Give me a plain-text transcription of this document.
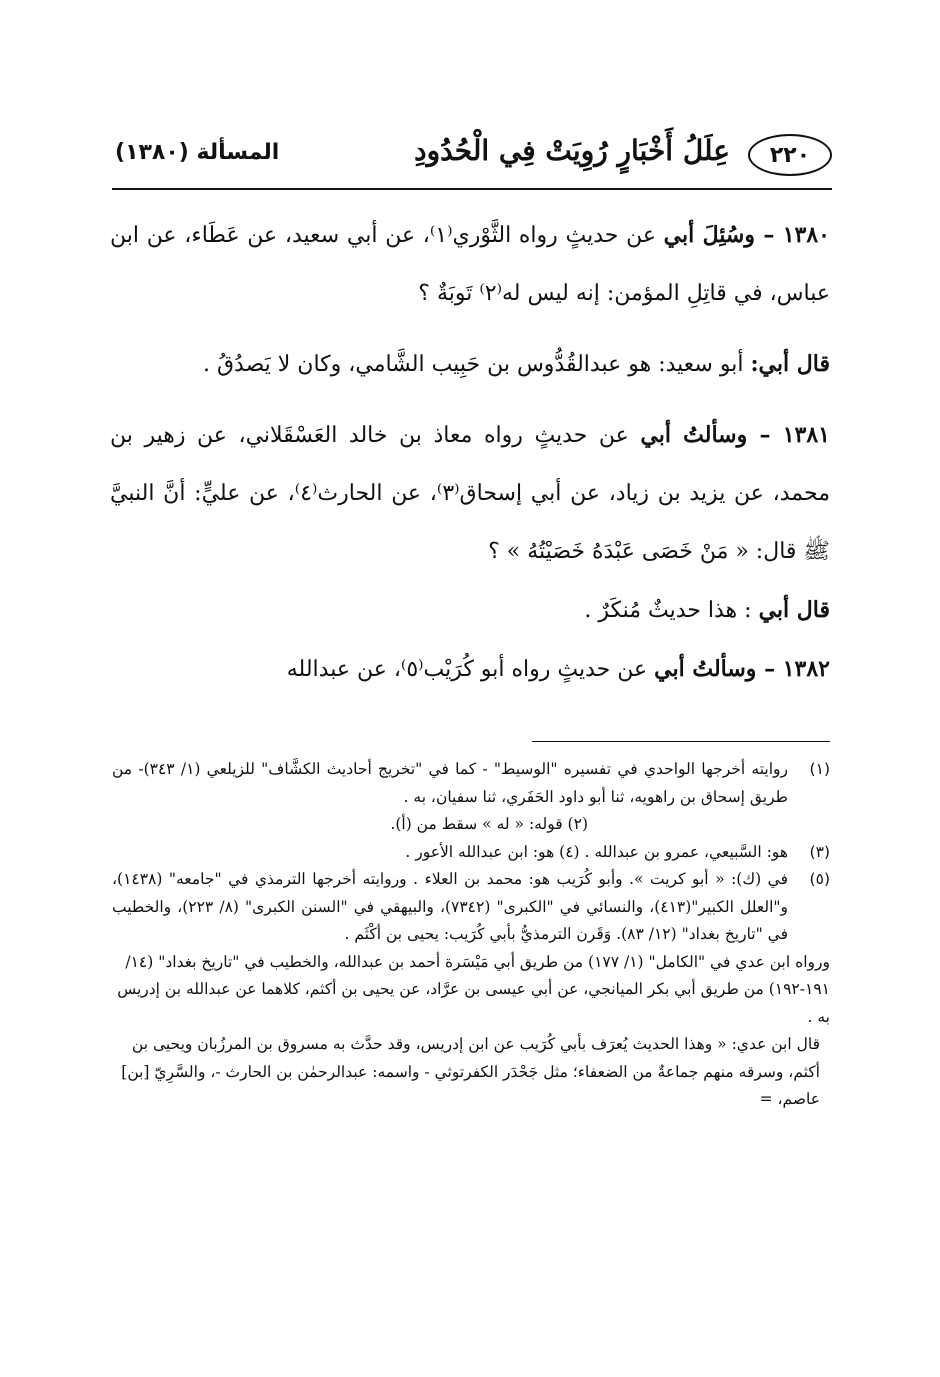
٢٢٠
عِلَلُ أَخْبَارٍ رُوِيَتْ فِي الْحُدُودِ
المسألة (١٣٨٠)

١٣٨٠ – وسُئِلَ أبي عن حديثٍ رواه الثَّوْري⁽١⁾، عن أبي سعيد، عن عَطَاء، عن ابن عباس، في قاتِلِ المؤمن: إنه ليس له⁽٢⁾ تَوبَةٌ ؟

قال أبي: أبو سعيد: هو عبدالقُدُّوس بن حَبِيب الشَّامي، وكان لا يَصدُقُ .

١٣٨١ – وسألتُ أبي عن حديثٍ رواه معاذ بن خالد العَسْقَلاني، عن زهير بن محمد، عن يزيد بن زياد، عن أبي إسحاق⁽٣⁾، عن الحارث⁽٤⁾، عن عليٍّ: أنَّ النبيَّ ﷺ قال: « مَنْ خَصَى عَبْدَهُ خَصَيْتُهُ » ؟

قال أبي : هذا حديثٌ مُنكَرٌ .

١٣٨٢ – وسألتُ أبي عن حديثٍ رواه أبو كُرَيْب⁽٥⁾، عن عبدالله

(١)
روايته أخرجها الواحدي في تفسيره "الوسيط" - كما في "تخريج أحاديث الكشَّاف" للزيلعي (١/ ٣٤٣)- من طريق إسحاق بن راهويه، ثنا أبو داود الحَفَري، ثنا سفيان، به .
(٢) قوله: « له » سقط من (أ).
(٣)
هو: السَّبيعي، عمرو بن عبدالله . (٤) هو: ابن عبدالله الأعور .
(٥)
في (ك): « أبو كريت ». وأبو كُرَيب هو: محمد بن العلاء . وروايته أخرجها الترمذي في "جامعه" (١٤٣٨)، و"العلل الكبير"(٤١٣)، والنسائي في "الكبرى" (٧٣٤٢)، والبيهقي في "السنن الكبرى" (٨/ ٢٢٣)، والخطيب في "تاريخ بغداد" (١٢/ ٨٣). وَقَرن الترمذيُّ بأبي كُرَيب: يحيى بن أكْثَم .
ورواه ابن عدي في "الكامل" (١/ ١٧٧) من طريق أبي مَيْسَرة أحمد بن عبدالله، والخطيب في "تاريخ بغداد" (١٤/ ١٩١-١٩٢) من طريق أبي بكر الميانجي، عن أبي عيسى بن عرَّاد، عن يحيى بن أكثم، كلاهما عن عبدالله بن إدريس به .
قال ابن عدي: « وهذا الحديث يُعرَف بأبي كُرَيب عن ابن إدريس، وقد حدَّث به مسروق بن المرزُبان ويحيى بن أكثم، وسرقه منهم جماعةٌ من الضعفاء؛ مثل جَحْدَر الكفرتوثي - واسمه: عبدالرحمٰن بن الحارث -، والسَّرِيّ [بن] عاصم، =
